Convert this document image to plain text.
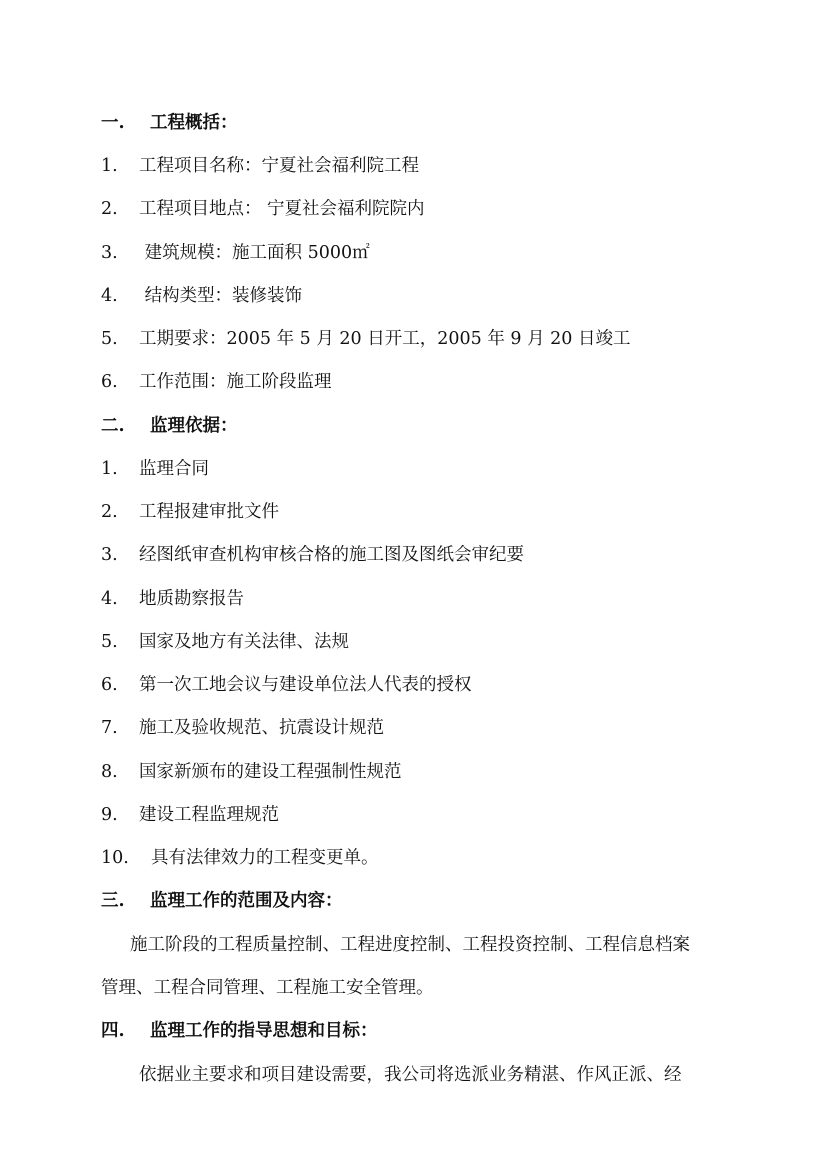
一. 工程概括：
1. 工程项目名称：宁夏社会福利院工程
2. 工程项目地点： 宁夏社会福利院院内
3. 建筑规模：施工面积 5000㎡
4. 结构类型：装修装饰
5. 工期要求：2005 年 5 月 20 日开工，2005 年 9 月 20 日竣工
6. 工作范围：施工阶段监理
二. 监理依据：
1. 监理合同
2. 工程报建审批文件
3. 经图纸审查机构审核合格的施工图及图纸会审纪要
4. 地质勘察报告
5. 国家及地方有关法律、法规
6. 第一次工地会议与建设单位法人代表的授权
7. 施工及验收规范、抗震设计规范
8. 国家新颁布的建设工程强制性规范
9. 建设工程监理规范
10. 具有法律效力的工程变更单。
三. 监理工作的范围及内容：
施工阶段的工程质量控制、工程进度控制、工程投资控制、工程信息档案
管理、工程合同管理、工程施工安全管理。
四. 监理工作的指导思想和目标：
依据业主要求和项目建设需要，我公司将选派业务精湛、作风正派、经
